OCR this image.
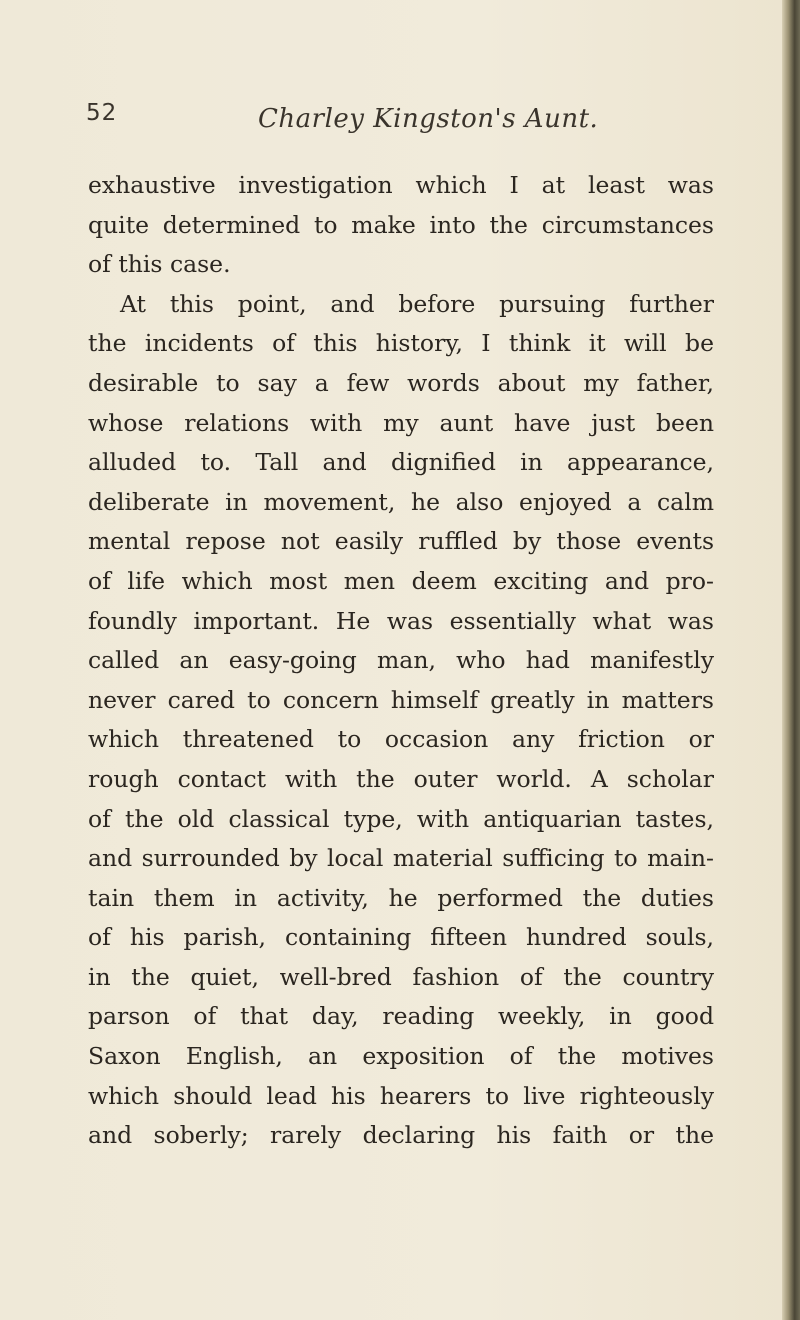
52	Charley Kingston's Aunt.
exhaustive investigation which I at least was
quite determined to make into the circumstances
of this case.
At this point, and before pursuing further
the incidents of this history, I think it will be
desirable to say a few words about my father,
whose relations with my aunt have just been
alluded to. Tall and dignified in appearance,
deliberate in movement, he also enjoyed a calm
mental repose not easily ruffled by those events
of life which most men deem exciting and pro-
foundly important. He was essentially what was
called an easy-going man, who had manifestly
never cared to concern himself greatly in matters
which threatened to occasion any friction or
rough contact with the outer world. A scholar
of the old classical type, with antiquarian tastes,
and surrounded by local material sufficing to main-
tain them in activity, he performed the duties
of his parish, containing fifteen hundred souls,
in the quiet, well-bred fashion of the country
parson of that day, reading weekly, in good
Saxon English, an exposition of the motives
which should lead his hearers to live righteously
and soberly; rarely declaring his faith or the
